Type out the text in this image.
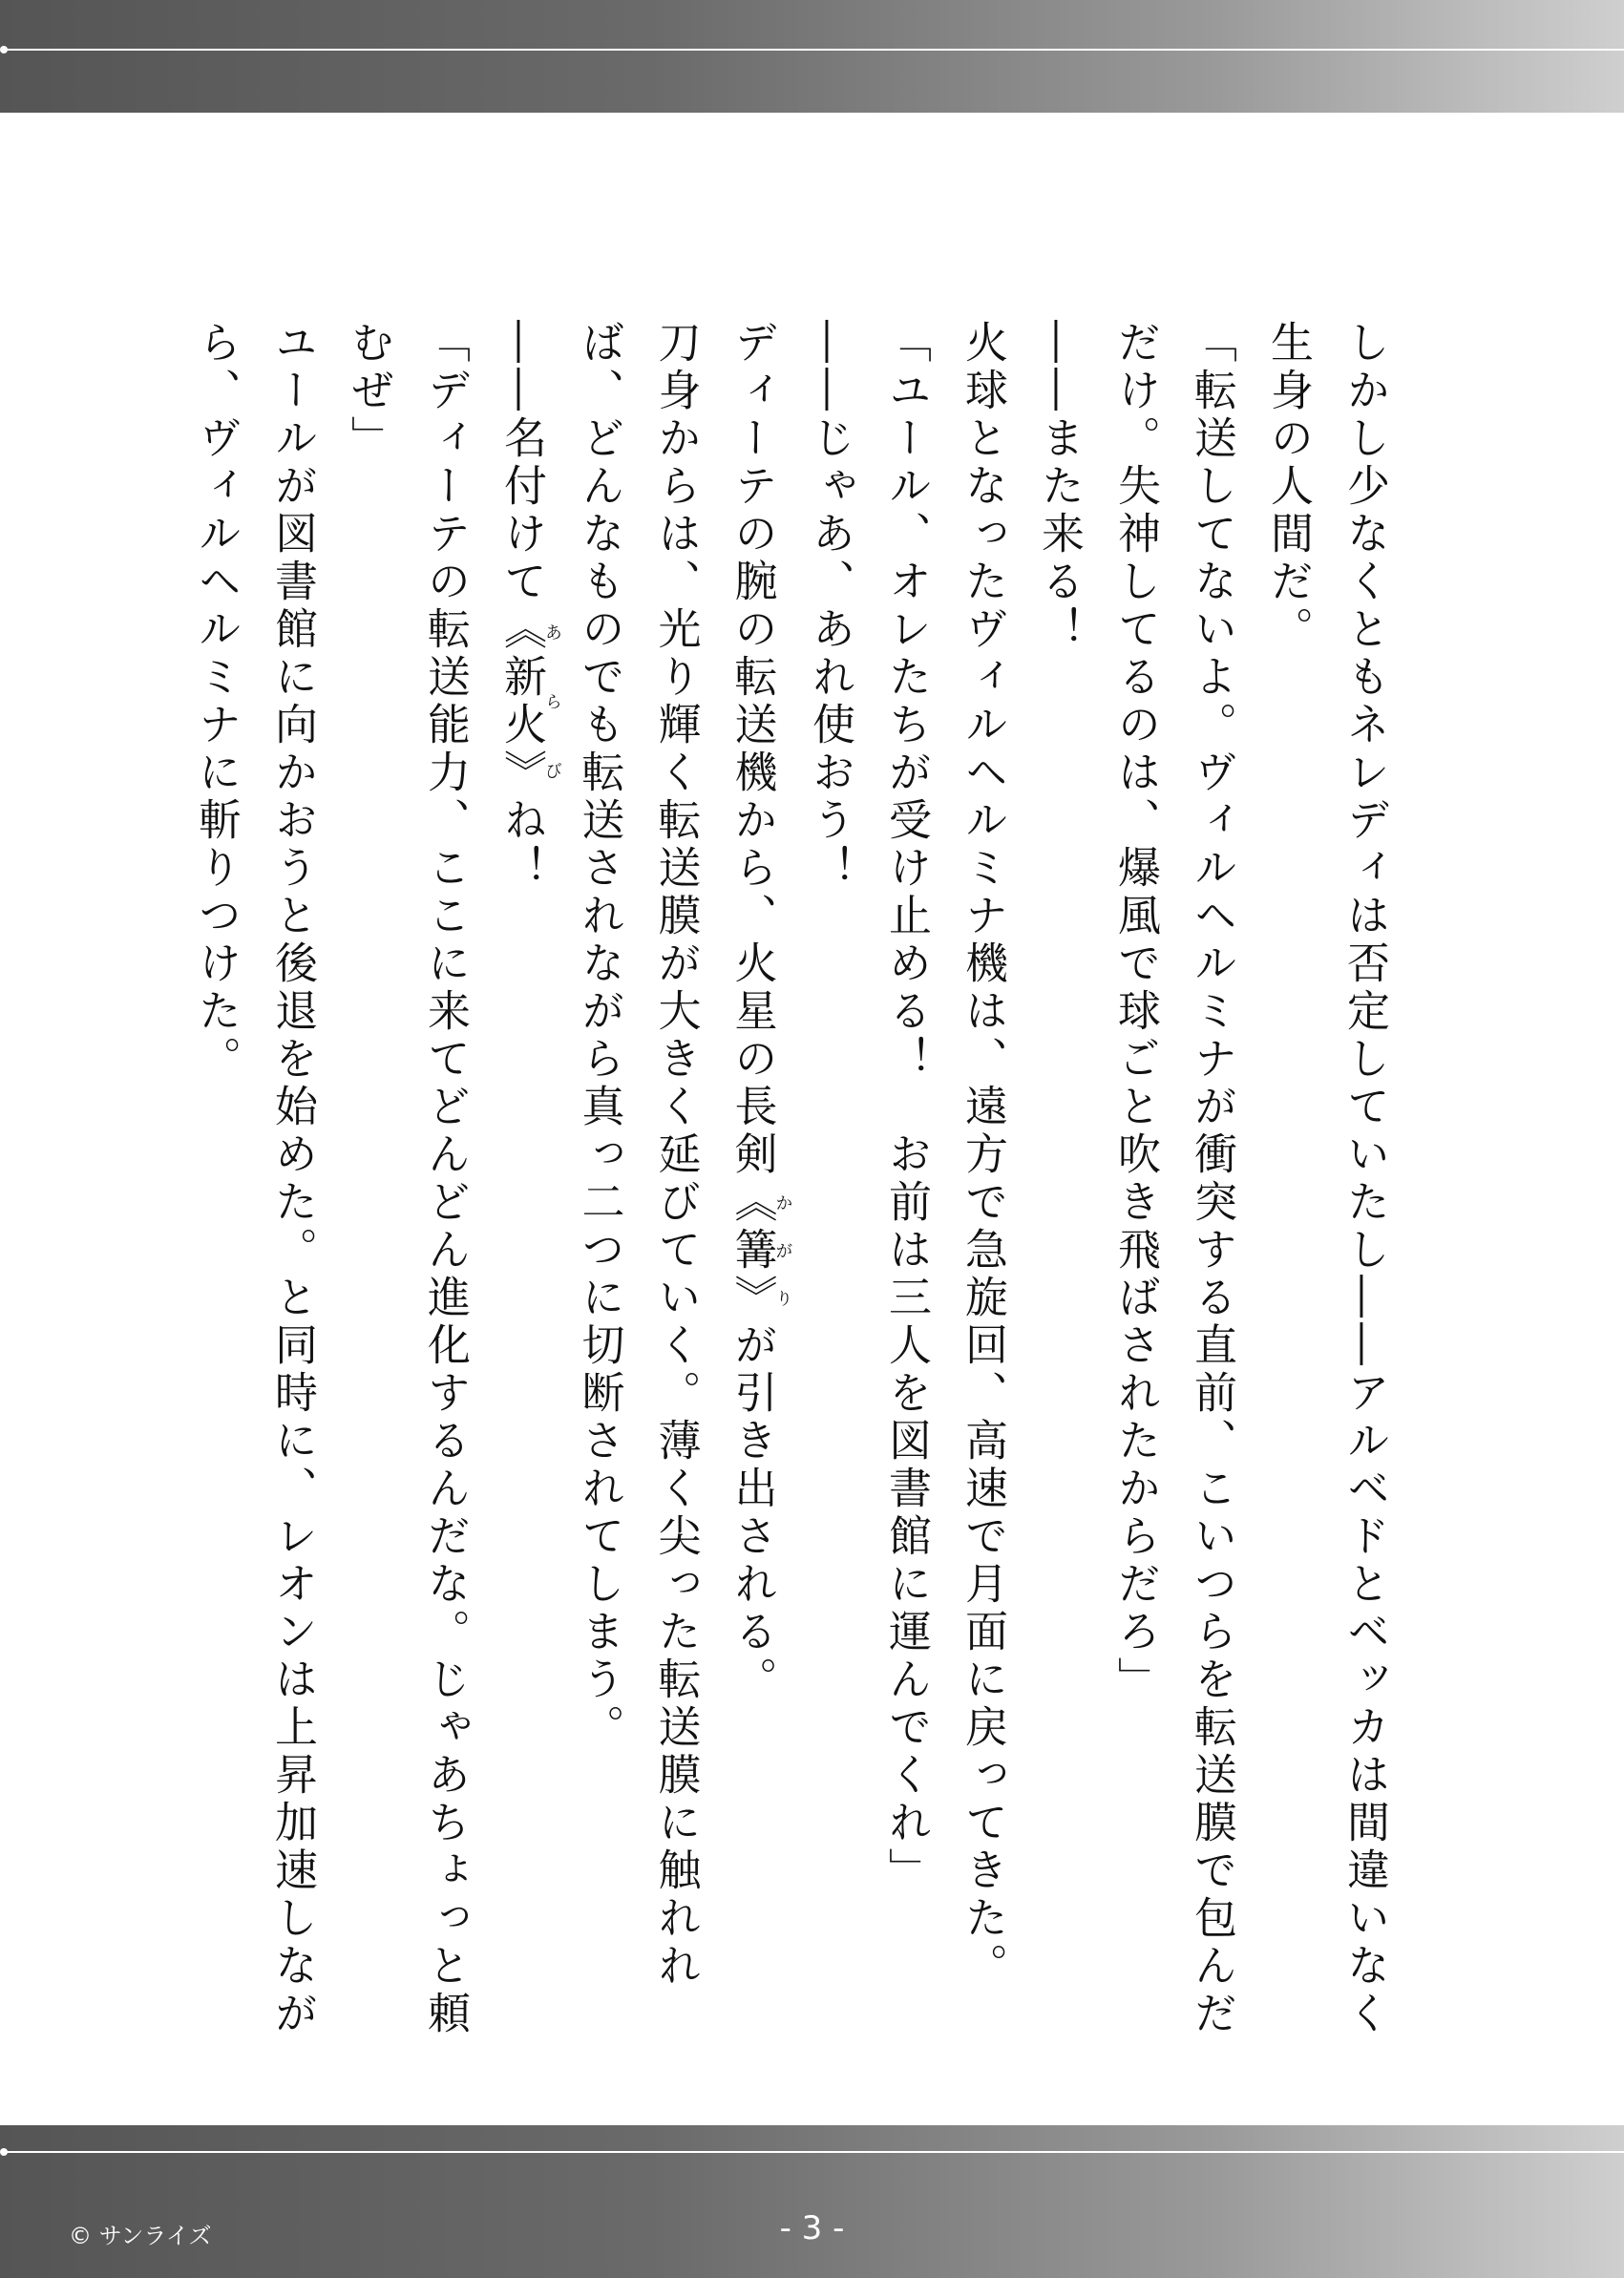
しかし少なくともネレディは否定していたし――アルベドとベッカは間違いなく生身の人間だ。

「転送してないよ。ヴィルヘルミナが衝突する直前、こいつらを転送膜で包んだだけ。失神してるのは、爆風で球ごと吹き飛ばされたからだろ」

――また来る！

火球となったヴィルヘルミナ機は、遠方で急旋回、高速で月面に戻ってきた。

「ユール、オレたちが受け止める！　お前は三人を図書館に運んでくれ」

――じゃあ、あれ使おう！

ディーテの腕の転送機から、火星の長剣《篝》かがりが引き出される。

刀身からは、光り輝く転送膜が大きく延びていく。薄く尖った転送膜に触れれば、どんなものでも転送されながら真っ二つに切断されてしまう。

――名付けて《新火》あらびね！

「ディーテの転送能力、ここに来てどんどん進化するんだな。じゃあちょっと頼むぜ」

ユールが図書館に向かおうと後退を始めた。と同時に、レオンは上昇加速しながら、ヴィルヘルミナに斬りつけた。

© サンライズ	- 3 -
